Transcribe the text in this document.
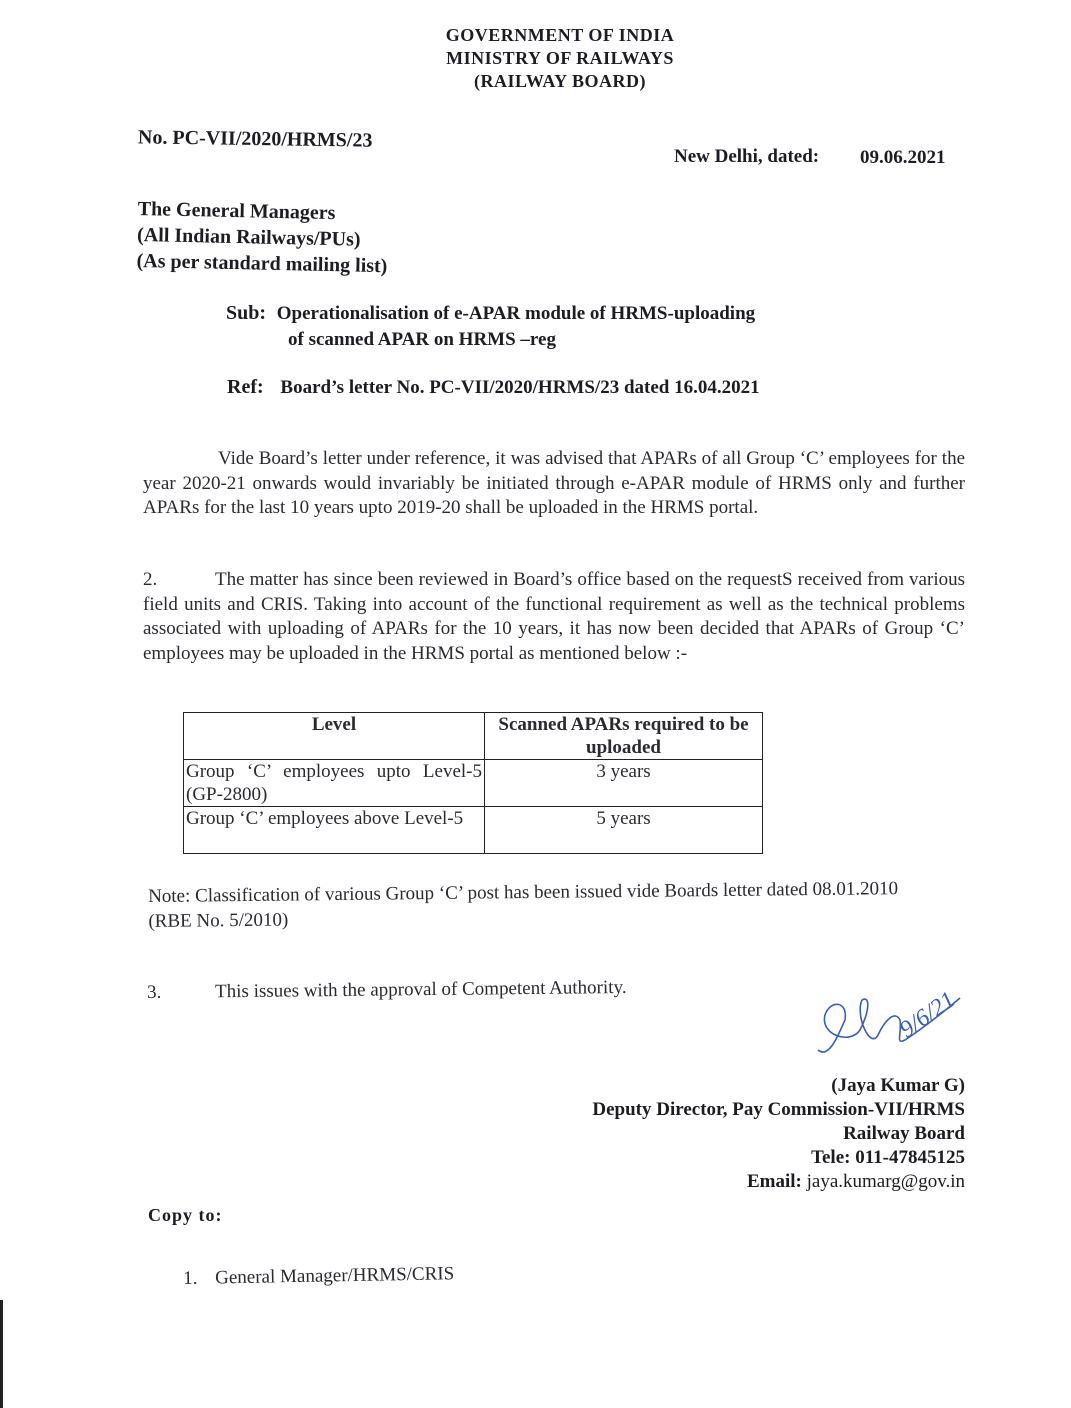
GOVERNMENT OF INDIA
MINISTRY OF RAILWAYS
(RAILWAY BOARD)
No. PC-VII/2020/HRMS/23
New Delhi, dated: 09.06.2021
The General Managers
(All Indian Railways/PUs)
(As per standard mailing list)
Sub: Operationalisation of e-APAR module of HRMS-uploading
of scanned APAR on HRMS –reg
Ref: Board’s letter No. PC-VII/2020/HRMS/23 dated 16.04.2021
Vide Board’s letter under reference, it was advised that APARs of all Group ‘C’ employees for the year 2020-21 onwards would invariably be initiated through e-APAR module of HRMS only and further APARs for the last 10 years upto 2019-20 shall be uploaded in the HRMS portal.
2.	The matter has since been reviewed in Board’s office based on the requestS received from various field units and CRIS. Taking into account of the functional requirement as well as the technical problems associated with uploading of APARs for the 10 years, it has now been decided that APARs of Group ‘C’ employees may be uploaded in the HRMS portal as mentioned below :-
Level	Scanned APARs required to be uploaded
Group ‘C’ employees upto Level-5 (GP-2800)	3 years
Group ‘C’ employees above Level-5	5 years
Note: Classification of various Group ‘C’ post has been issued vide Boards letter dated 08.01.2010 (RBE No. 5/2010)
3.	This issues with the approval of Competent Authority.	9/6/21
(Jaya Kumar G)
Deputy Director, Pay Commission-VII/HRMS
Railway Board
Tele: 011-47845125
Email: jaya.kumarg@gov.in
Copy to:
1. General Manager/HRMS/CRIS
